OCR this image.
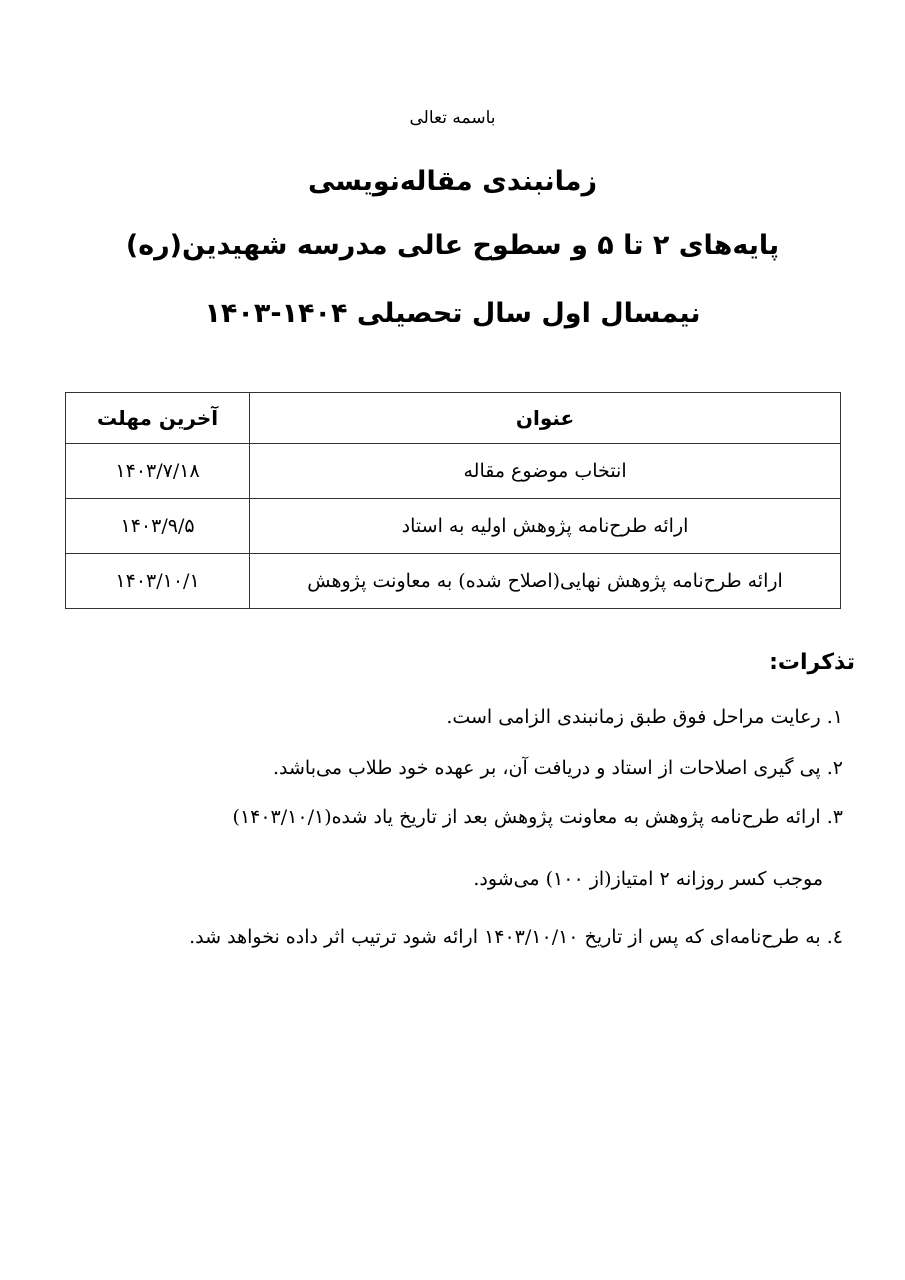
باسمه تعالی
زمانبندی مقاله‌نویسی
پایه‌های ۲ تا ۵ و سطوح عالی مدرسه شهیدین(ره)
نیمسال اول سال تحصیلی ۱۴۰۴-۱۴۰۳
عنوان	آخرین مهلت
انتخاب موضوع مقاله	۱۴۰۳/۷/۱۸
ارائه طرح‌نامه پژوهش اولیه به استاد	۱۴۰۳/۹/۵
ارائه طرح‌نامه پژوهش نهایی(اصلاح شده) به معاونت پژوهش	۱۴۰۳/۱۰/۱
تذکرات:
۱. رعایت مراحل فوق طبق زمانبندی الزامی است.
۲. پی گیری اصلاحات از استاد و دریافت آن، بر عهده خود طلاب می‌باشد.
۳. ارائه طرح‌نامه پژوهش به معاونت پژوهش بعد از تاریخ یاد شده(۱۴۰۳/۱۰/۱)
موجب کسر روزانه ۲ امتیاز(از ۱۰۰) می‌شود.
٤. به طرح‌نامه‌ای که پس از تاریخ ۱۴۰۳/۱۰/۱۰ ارائه شود ترتیب اثر داده نخواهد شد.
